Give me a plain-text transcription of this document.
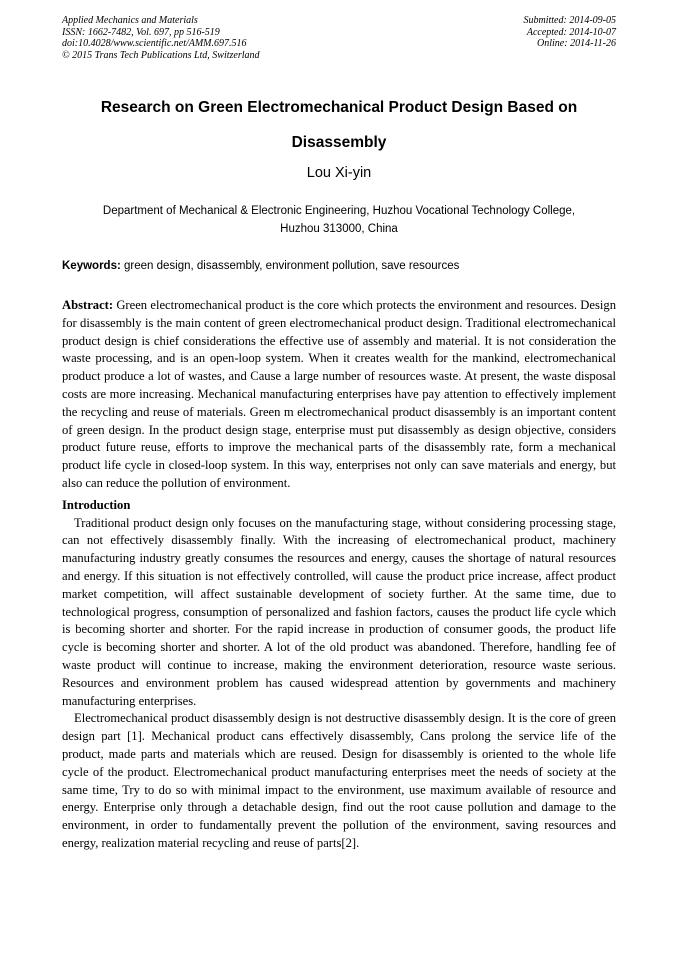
Applied Mechanics and Materials
ISSN: 1662-7482, Vol. 697, pp 516-519
doi:10.4028/www.scientific.net/AMM.697.516
© 2015 Trans Tech Publications Ltd, Switzerland
Submitted: 2014-09-05
Accepted: 2014-10-07
Online: 2014-11-26
Research on Green Electromechanical Product Design Based on
Disassembly
Lou Xi-yin
Department of Mechanical & Electronic Engineering, Huzhou Vocational Technology College,
Huzhou 313000, China
Keywords: green design, disassembly, environment pollution, save resources

Abstract: Green electromechanical product is the core which protects the environment and resources. Design for disassembly is the main content of green electromechanical product design. Traditional electromechanical product design is chief considerations the effective use of assembly and material. It is not consideration the waste processing, and is an open-loop system. When it creates wealth for the mankind, electromechanical product produce a lot of wastes, and Cause a large number of resources waste. At present, the waste disposal costs are more increasing. Mechanical manufacturing enterprises have pay attention to effectively implement the recycling and reuse of materials. Green m electromechanical product disassembly is an important content of green design. In the product design stage, enterprise must put disassembly as design objective, considers product future reuse, efforts to improve the mechanical parts of the disassembly rate, form a mechanical product life cycle in closed-loop system. In this way, enterprises not only can save materials and energy, but also can reduce the pollution of environment.

Introduction

Traditional product design only focuses on the manufacturing stage, without considering processing stage, can not effectively disassembly finally. With the increasing of electromechanical product, machinery manufacturing industry greatly consumes the resources and energy, causes the shortage of natural resources and energy. If this situation is not effectively controlled, will cause the product price increase, affect product market competition, will affect sustainable development of society further. At the same time, due to technological progress, consumption of personalized and fashion factors, causes the product life cycle which is becoming shorter and shorter. For the rapid increase in production of consumer goods, the product life cycle is becoming shorter and shorter. A lot of the old product was abandoned. Therefore, handling fee of waste product will continue to increase, making the environment deterioration, resource waste serious. Resources and environment problem has caused widespread attention by governments and machinery manufacturing enterprises.

Electromechanical product disassembly design is not destructive disassembly design. It is the core of green design part [1]. Mechanical product cans effectively disassembly, Cans prolong the service life of the product, made parts and materials which are reused. Design for disassembly is oriented to the whole life cycle of the product. Electromechanical product manufacturing enterprises meet the needs of society at the same time, Try to do so with minimal impact to the environment, use maximum available of resource and energy. Enterprise only through a detachable design, find out the root cause pollution and damage to the environment, in order to fundamentally prevent the pollution of the environment, saving resources and energy, realization material recycling and reuse of parts[2].
